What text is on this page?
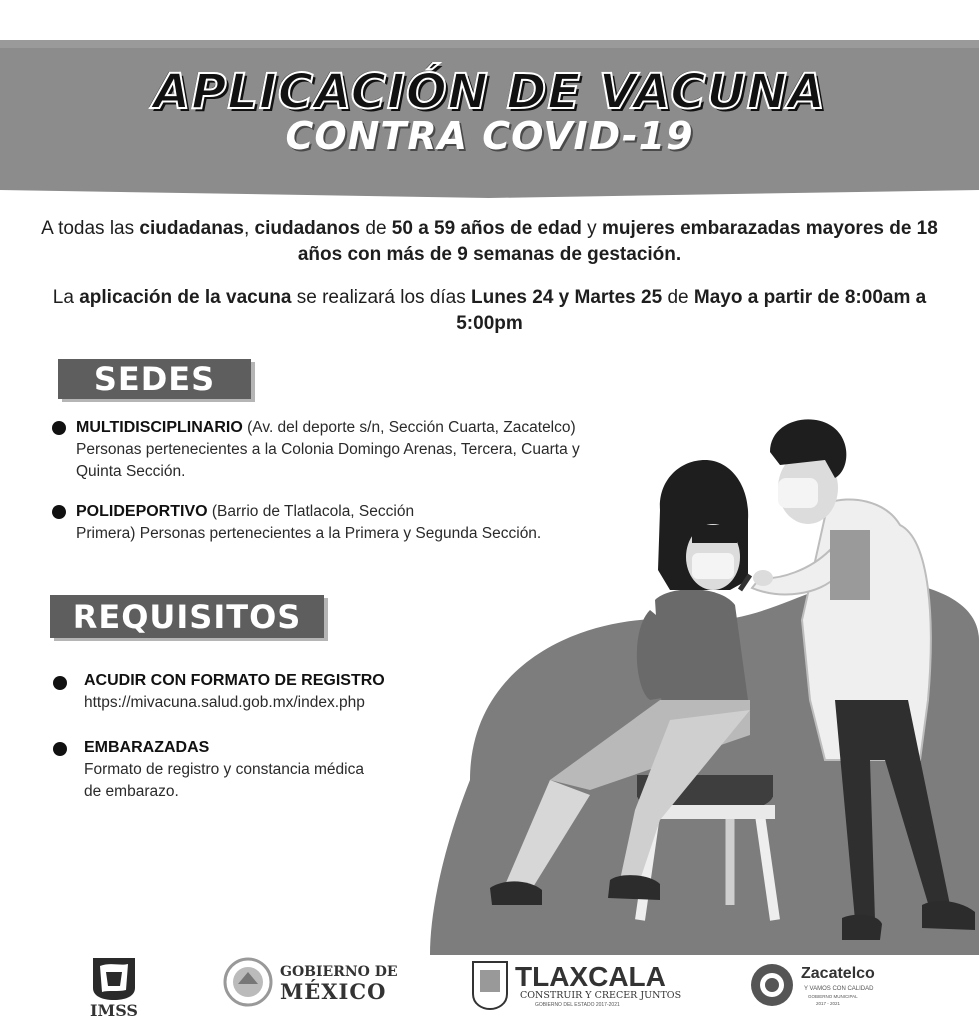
APLICACIÓN DE VACUNA
CONTRA COVID-19
A todas las ciudadanas, ciudadanos de 50 a 59 años de edad y mujeres embarazadas mayores de 18 años con más de 9 semanas de gestación.
La aplicación de la vacuna se realizará los días Lunes 24 y Martes 25 de Mayo a partir de 8:00am a 5:00pm
SEDES
MULTIDISCIPLINARIO (Av. del deporte s/n, Sección Cuarta, Zacatelco)
Personas pertenecientes a la Colonia Domingo Arenas, Tercera, Cuarta y
Quinta Sección.
POLIDEPORTIVO (Barrio de Tlatlacola, Sección
Primera) Personas pertenecientes a la Primera y Segunda Sección.
REQUISITOS
ACUDIR CON FORMATO DE REGISTRO
https://mivacuna.salud.gob.mx/index.php
EMBARAZADAS
Formato de registro y constancia médica
de embarazo.
IMSS
GOBIERNO DE
MÉXICO	TLAXCALA
CONSTRUIR Y CRECER JUNTOS
GOBIERNO DEL ESTADO 2017-2021
Zacatelco
Y VAMOS CON CALIDAD
GOBIERNO MUNICIPAL
2017 - 2021
